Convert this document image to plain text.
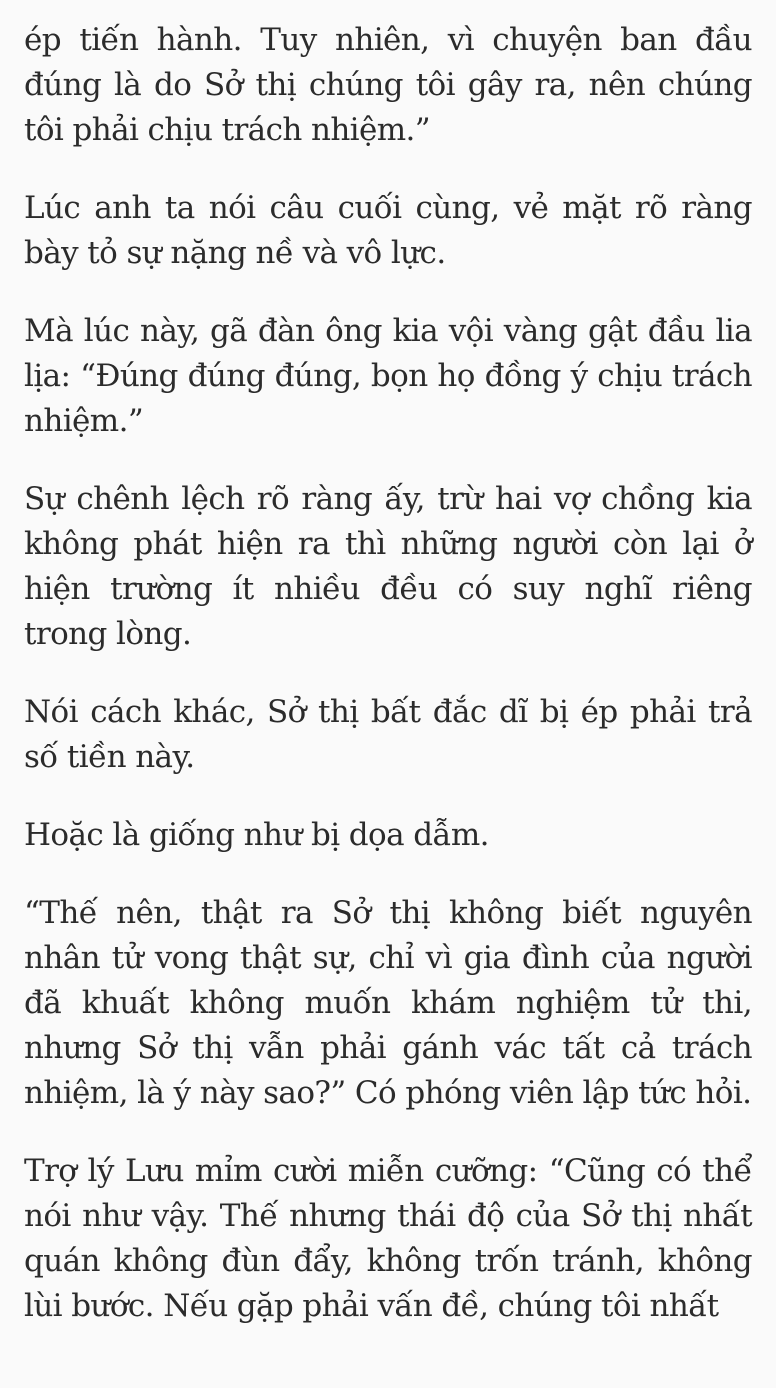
ép tiến hành. Tuy nhiên, vì chuyện ban đầu đúng là do Sở thị chúng tôi gây ra, nên chúng tôi phải chịu trách nhiệm.”

Lúc anh ta nói câu cuối cùng, vẻ mặt rõ ràng bày tỏ sự nặng nề và vô lực.

Mà lúc này, gã đàn ông kia vội vàng gật đầu lia lịa: “Đúng đúng đúng, bọn họ đồng ý chịu trách nhiệm.”

Sự chênh lệch rõ ràng ấy, trừ hai vợ chồng kia không phát hiện ra thì những người còn lại ở hiện trường ít nhiều đều có suy nghĩ riêng trong lòng.

Nói cách khác, Sở thị bất đắc dĩ bị ép phải trả số tiền này.

Hoặc là giống như bị dọa dẫm.

“Thế nên, thật ra Sở thị không biết nguyên nhân tử vong thật sự, chỉ vì gia đình của người đã khuất không muốn khám nghiệm tử thi, nhưng Sở thị vẫn phải gánh vác tất cả trách nhiệm, là ý này sao?” Có phóng viên lập tức hỏi.

Trợ lý Lưu mỉm cười miễn cưỡng: “Cũng có thể nói như vậy. Thế nhưng thái độ của Sở thị nhất quán không đùn đẩy, không trốn tránh, không lùi bước. Nếu gặp phải vấn đề, chúng tôi nhất
